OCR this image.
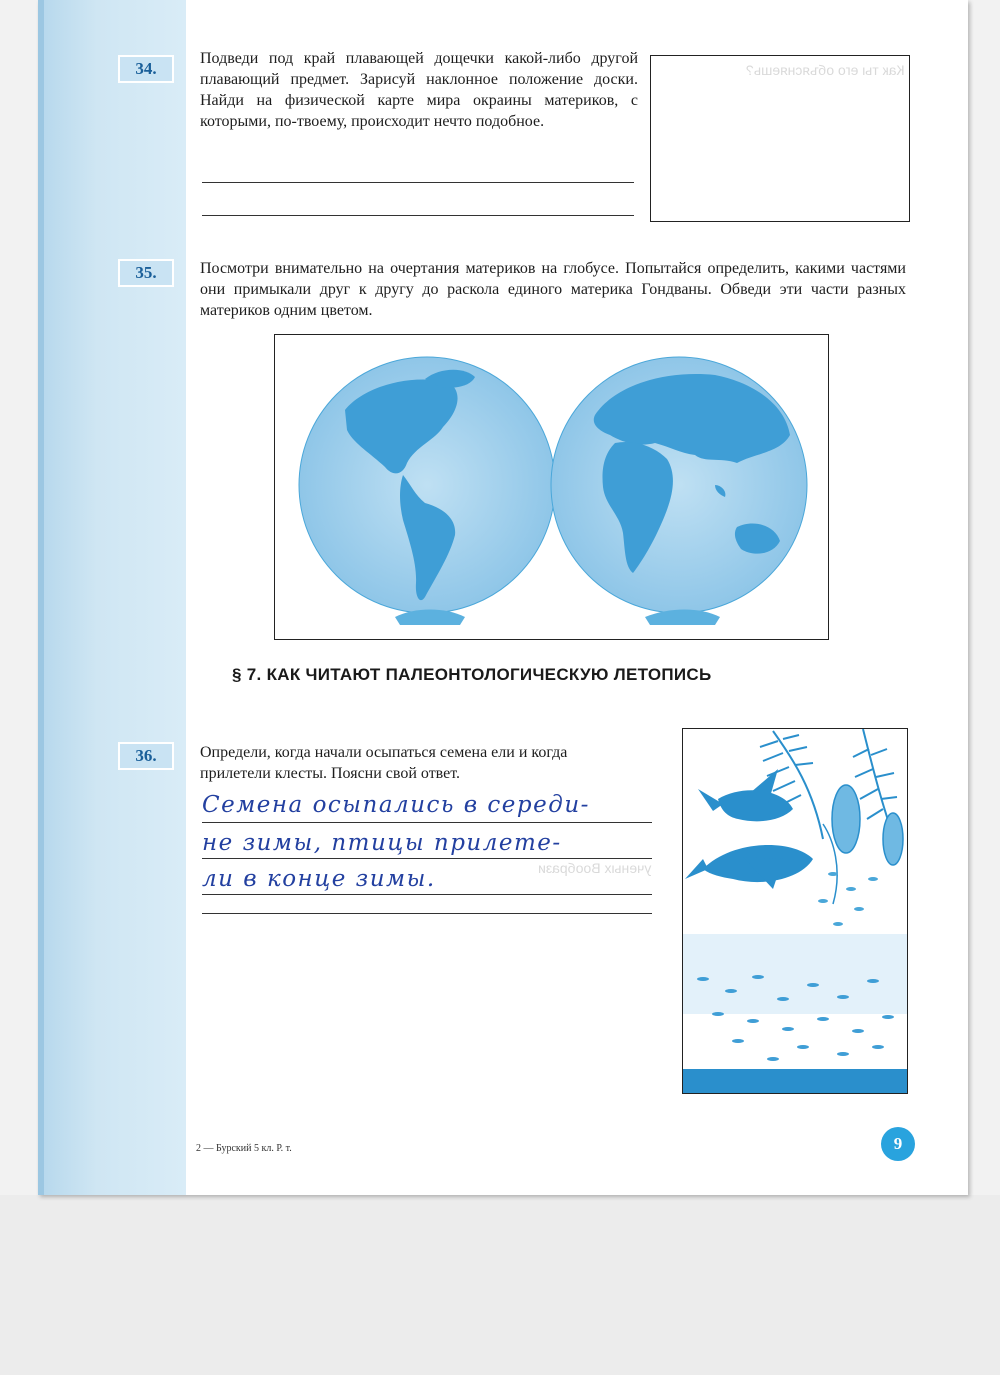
34.
Подведи под край плавающей дощечки какой-либо другой плавающий предмет. Зарисуй наклонное положение доски. Найди на физической карте мира окраины материков, с которыми, по-твоему, происходит нечто подобное.
Как ты его объясняешь?
35.	Посмотри внимательно на очертания материков на глобусе. Попытайся определить, какими частями они примыкали друг к другу до раскола единого материка Гондваны. Обведи эти части разных материков одним цветом.
§ 7. КАК ЧИТАЮТ ПАЛЕОНТОЛОГИЧЕСКУЮ ЛЕТОПИСЬ
36.	Определи, когда начали осыпаться семена ели и когда прилетели клесты. Поясни свой ответ.
Семена осыпались в середи-
не зимы, птицы прилете-
ли в конце зимы.	ученых Вообрази
2 — Бурский 5 кл. Р. т.	9
